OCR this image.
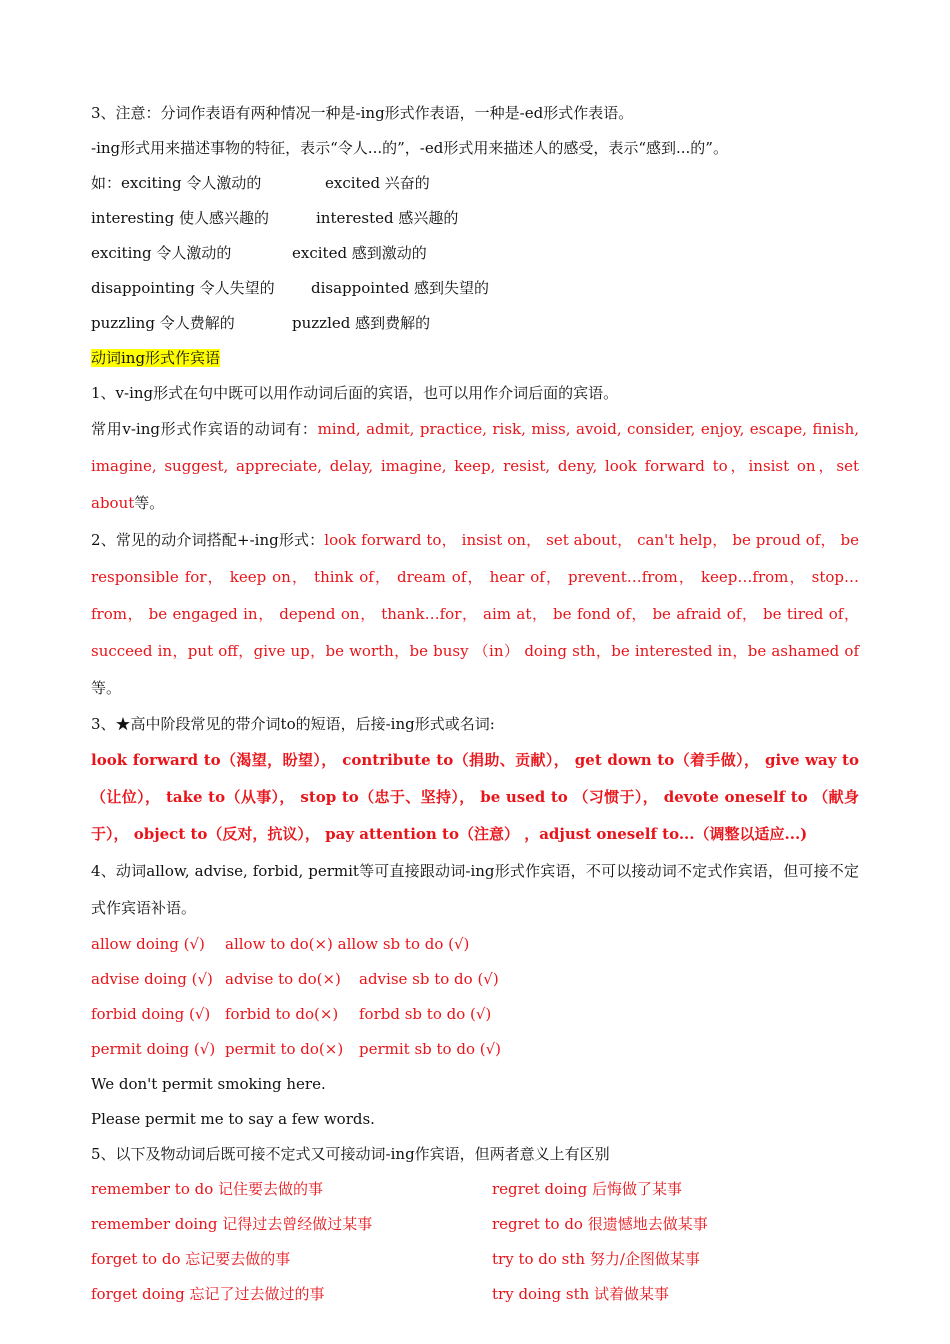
3、注意：分词作表语有两种情况一种是-ing形式作表语，一种是-ed形式作表语。
-ing形式用来描述事物的特征，表示“令人...的”，-ed形式用来描述人的感受，表示“感到...的”。
如：exciting 令人激动的	excited 兴奋的
interesting 使人感兴趣的	interested 感兴趣的
exciting 令人激动的	excited 感到激动的
disappointing 令人失望的 disappointed 感到失望的
puzzling 令人费解的	puzzled 感到费解的
动词ing形式作宾语
1、v-ing形式在句中既可以用作动词后面的宾语，也可以用作介词后面的宾语。
常用v-ing形式作宾语的动词有：mind, admit, practice, risk, miss, avoid, consider, enjoy, escape, finish, imagine, suggest, appreciate, delay, imagine, keep, resist, deny, look forward to，insist on，set about等。
2、常见的动介词搭配+-ing形式：look forward to， insist on， set about， can't help， be proud of， be responsible for， keep on， think of， dream of， hear of， prevent…from， keep…from， stop…from， be engaged in， depend on， thank…for， aim at， be fond of， be afraid of， be tired of， succeed in，put off，give up，be worth，be busy （in） doing sth，be interested in，be ashamed of等。
3、★高中阶段常见的带介词to的短语，后接-ing形式或名词:
look forward to（渴望，盼望）， contribute to（捐助、贡献）， get down to（着手做）， give way to（让位）， take to（从事）， stop to（忠于、坚持）， be used to （习惯于）， devote oneself to （献身于）， object to（反对，抗议）， pay attention to（注意） ，adjust oneself to...（调整以适应...)
4、动词allow, advise, forbid, permit等可直接跟动词-ing形式作宾语，不可以接动词不定式作宾语，但可接不定式作宾语补语。
allow doing (√) allow to do(×) allow sb to do (√)
advise doing (√) advise to do(×) advise sb to do (√)
forbid doing (√) forbid to do(×) forbd sb to do (√)
permit doing (√) permit to do(×) permit sb to do (√)
We don't permit smoking here.
Please permit me to say a few words.
5、以下及物动词后既可接不定式又可接动词-ing作宾语，但两者意义上有区别
remember to do 记住要去做的事	regret doing 后悔做了某事
remember doing 记得过去曾经做过某事	regret to do 很遗憾地去做某事
forget to do 忘记要去做的事	try to do sth 努力/企图做某事
forget doing 忘记了过去做过的事	try doing sth 试着做某事
